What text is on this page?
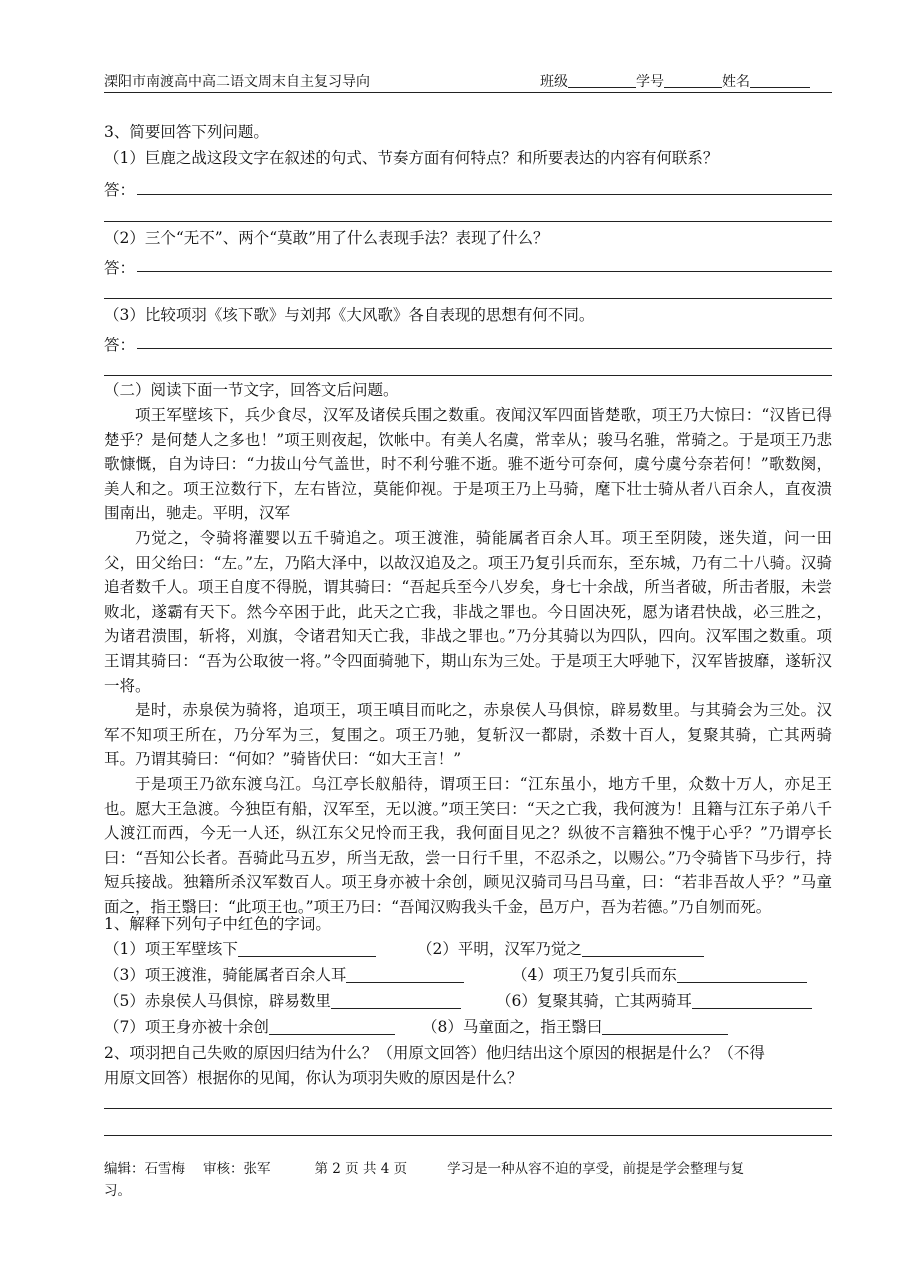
溧阳市南渡高中高二语文周末自主复习导向	班级	学号	姓名
3、简要回答下列问题。
（1）巨鹿之战这段文字在叙述的句式、节奏方面有何特点？和所要表达的内容有何联系？
答：
（2）三个“无不”、两个“莫敢”用了什么表现手法？表现了什么？
答：
（3）比较项羽《垓下歌》与刘邦《大风歌》各自表现的思想有何不同。
答：
（二）阅读下面一节文字，回答文后问题。

项王军壁垓下，兵少食尽，汉军及诸侯兵围之数重。夜闻汉军四面皆楚歌，项王乃大惊曰：“汉皆已得楚乎？是何楚人之多也！”项王则夜起，饮帐中。有美人名虞，常幸从；骏马名骓，常骑之。于是项王乃悲歌慷慨，自为诗曰：“力拔山兮气盖世，时不利兮骓不逝。骓不逝兮可奈何，虞兮虞兮奈若何！”歌数阕，美人和之。项王泣数行下，左右皆泣，莫能仰视。于是项王乃上马骑，麾下壮士骑从者八百余人，直夜溃围南出，驰走。平明，汉军

乃觉之，令骑将灌婴以五千骑追之。项王渡淮，骑能属者百余人耳。项王至阴陵，迷失道，问一田父，田父绐曰：“左。”左，乃陷大泽中，以故汉追及之。项王乃复引兵而东，至东城，乃有二十八骑。汉骑追者数千人。项王自度不得脱，谓其骑曰：“吾起兵至今八岁矣，身七十余战，所当者破，所击者服，未尝败北，遂霸有天下。然今卒困于此，此天之亡我，非战之罪也。今日固决死，愿为诸君快战，必三胜之，为诸君溃围，斩将，刈旗，令诸君知天亡我，非战之罪也。”乃分其骑以为四队，四向。汉军围之数重。项王谓其骑曰：“吾为公取彼一将。”令四面骑驰下，期山东为三处。于是项王大呼驰下，汉军皆披靡，遂斩汉一将。

是时，赤泉侯为骑将，追项王，项王嗔目而叱之，赤泉侯人马俱惊，辟易数里。与其骑会为三处。汉军不知项王所在，乃分军为三，复围之。项王乃驰，复斩汉一都尉，杀数十百人，复聚其骑，亡其两骑耳。乃谓其骑曰：“何如？”骑皆伏曰：“如大王言！”

于是项王乃欲东渡乌江。乌江亭长舣船待，谓项王曰：“江东虽小，地方千里，众数十万人，亦足王也。愿大王急渡。今独臣有船，汉军至，无以渡。”项王笑曰：“天之亡我，我何渡为！且籍与江东子弟八千人渡江而西，今无一人还，纵江东父兄怜而王我，我何面目见之？纵彼不言籍独不愧于心乎？”乃谓亭长曰：“吾知公长者。吾骑此马五岁，所当无敌，尝一日行千里，不忍杀之，以赐公。”乃令骑皆下马步行，持短兵接战。独籍所杀汉军数百人。项王身亦被十余创，顾见汉骑司马吕马童，曰：“若非吾故人乎？”马童面之，指王翳曰：“此项王也。”项王乃曰：“吾闻汉购我头千金，邑万户，吾为若德。”乃自刎而死。

1、解释下列句子中红色的字词。
（1）项王军壁垓下	（2）平明，汉军乃觉之
（3）项王渡淮，骑能属者百余人耳	（4）项王乃复引兵而东
（5）赤泉侯人马俱惊，辟易数里	（6）复聚其骑，亡其两骑耳
（7）项王身亦被十余创	（8）马童面之，指王翳曰
2、项羽把自己失败的原因归结为什么？（用原文回答）他归结出这个原因的根据是什么？（不得
用原文回答）根据你的见闻，你认为项羽失败的原因是什么？
编辑：石雪梅 审核：张军	第 2 页 共 4 页	学习是一种从容不迫的享受，前提是学会整理与复
习。
